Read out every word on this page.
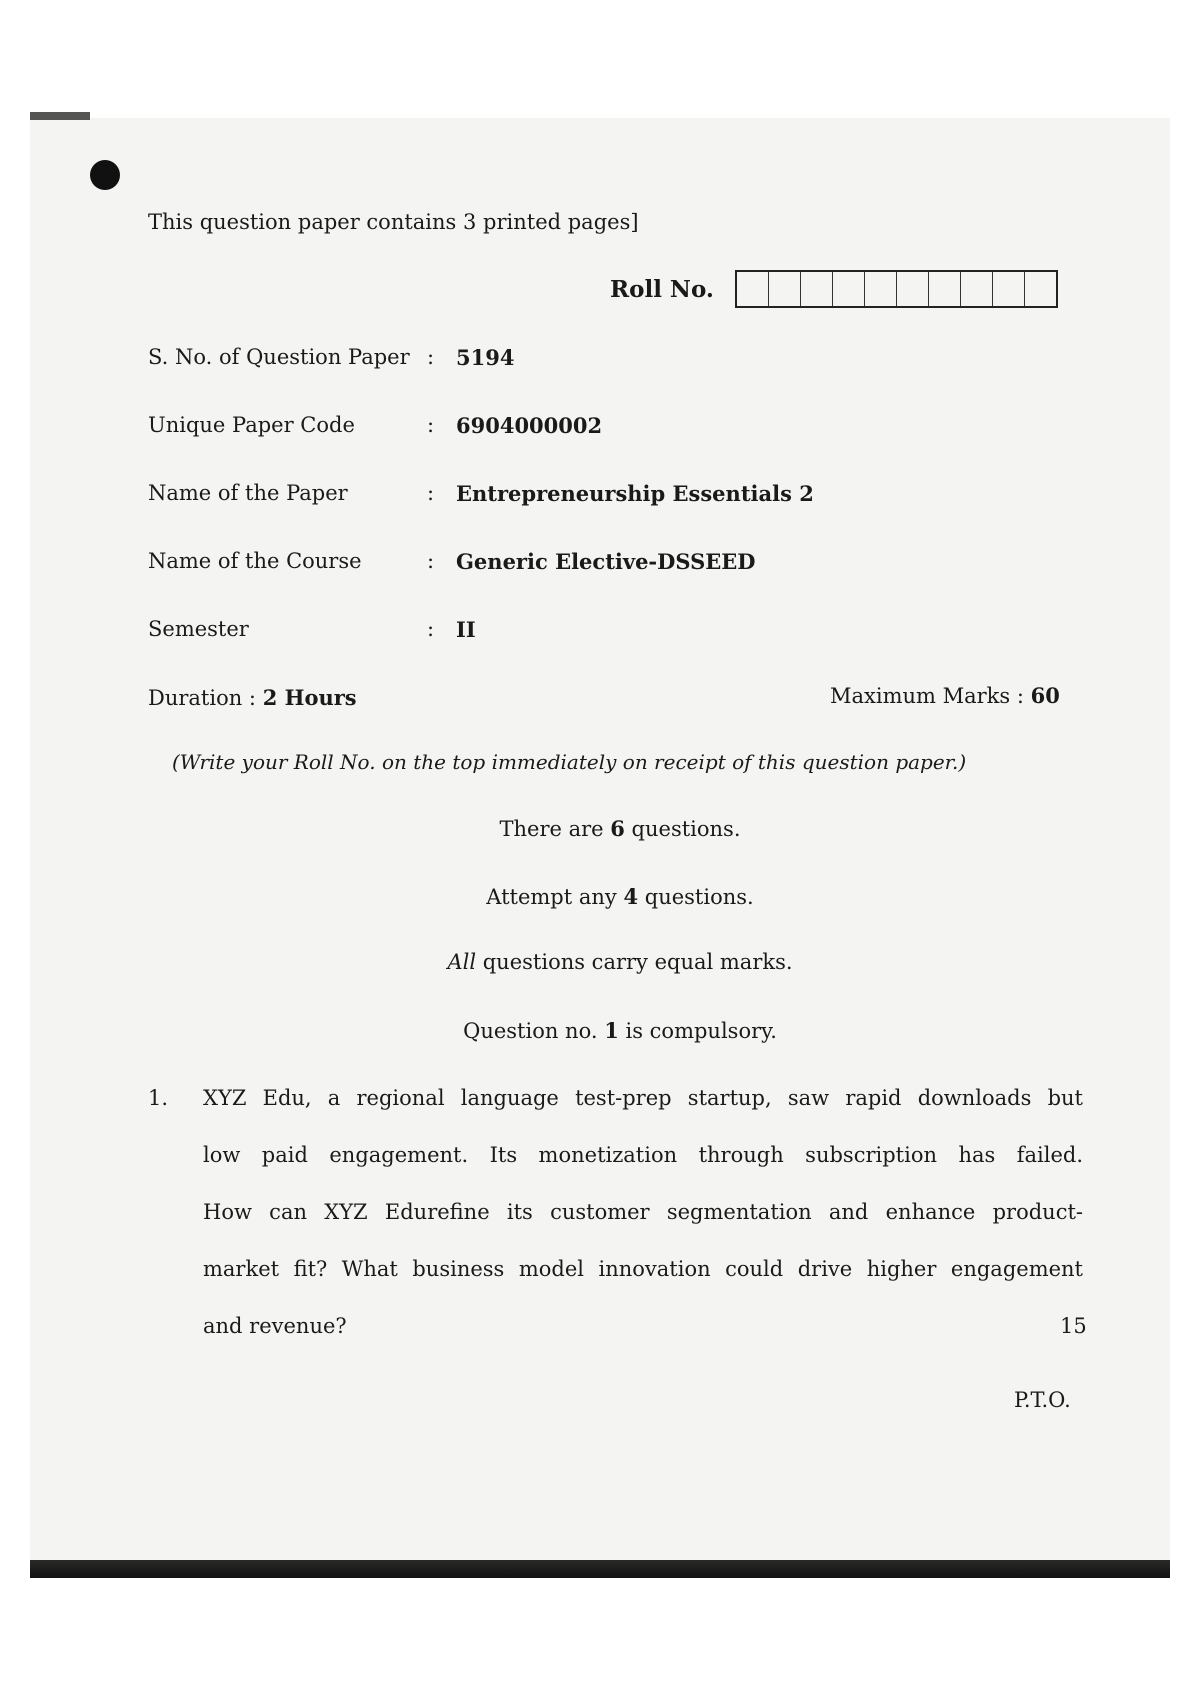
This question paper contains 3 printed pages]
Roll No.
S. No. of Question Paper : 5194
Unique Paper Code	: 6904000002
Name of the Paper	: Entrepreneurship Essentials 2
Name of the Course	: Generic Elective-DSSEED
Semester	: II
Duration : 2 Hours	Maximum Marks : 60
(Write your Roll No. on the top immediately on receipt of this question paper.)
There are 6 questions.
Attempt any 4 questions.
All questions carry equal marks.
Question no. 1 is compulsory.
1. XYZ Edu, a regional language test-prep startup, saw rapid downloads but
low paid engagement. Its monetization through subscription has failed.
How can XYZ Edurefine its customer segmentation and enhance product-
market fit? What business model innovation could drive higher engagement
and revenue?	15
P.T.O.
